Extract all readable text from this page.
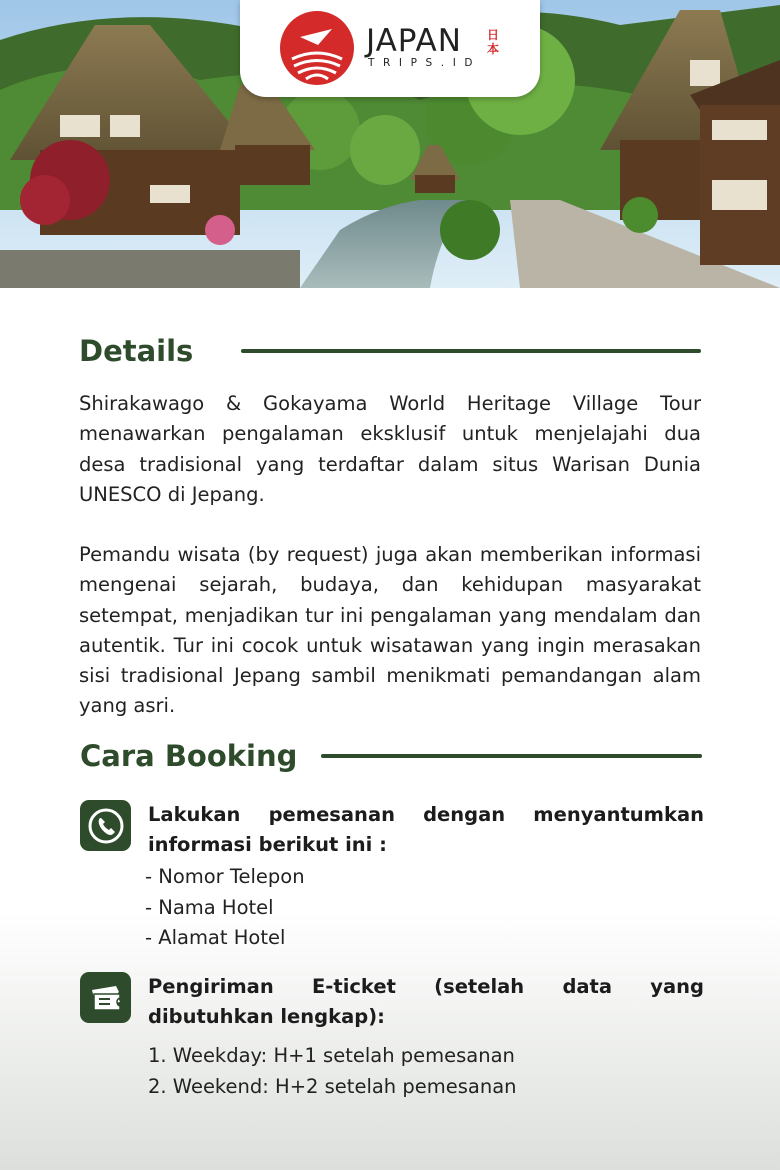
JAPAN
TRIPS.ID
日本
Details

Shirakawago & Gokayama World Heritage Village Tour menawarkan pengalaman eksklusif untuk menjelajahi dua desa tradisional yang terdaftar dalam situs Warisan Dunia UNESCO di Jepang.

Pemandu wisata (by request) juga akan memberikan informasi mengenai sejarah, budaya, dan kehidupan masyarakat setempat, menjadikan tur ini pengalaman yang mendalam dan autentik. Tur ini cocok untuk wisatawan yang ingin merasakan sisi tradisional Jepang sambil menikmati pemandangan alam yang asri.

Cara Booking
Lakukan pemesanan dengan menyantumkan
informasi berikut ini :
- Nomor Telepon
- Nama Hotel
- Alamat Hotel
Pengiriman E-ticket (setelah data yang dibutuhkan lengkap):
1. Weekday: H+1 setelah pemesanan
2. Weekend: H+2 setelah pemesanan
